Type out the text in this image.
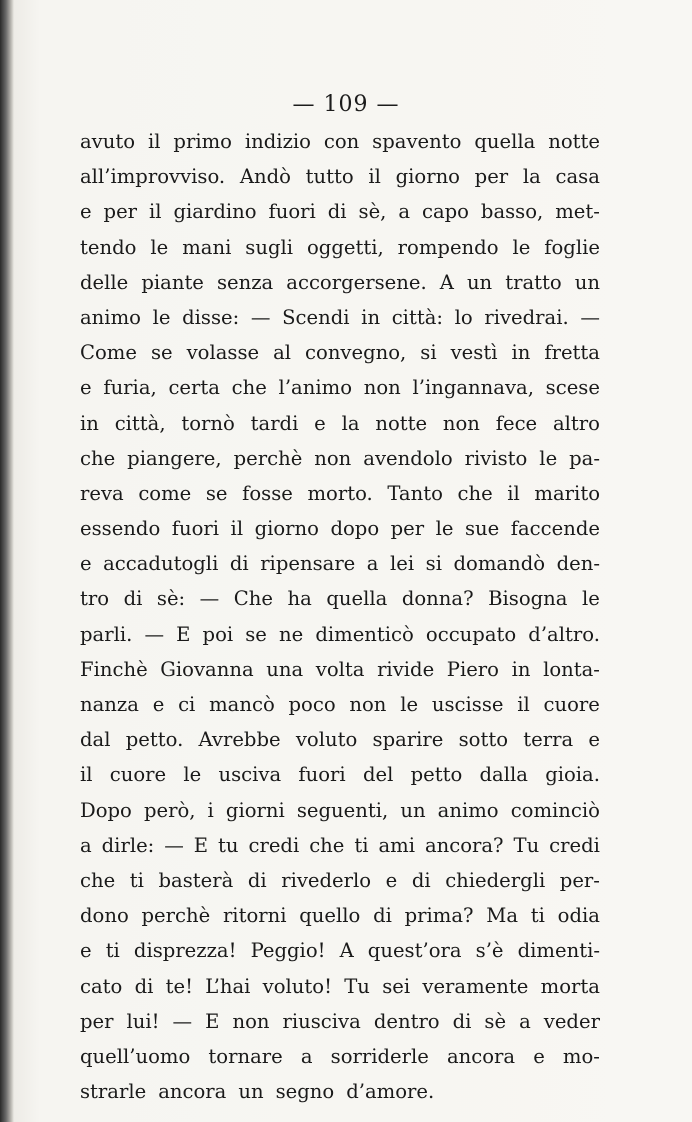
— 109 —
avuto il primo indizio con spavento quella notte
all’improvviso. Andò tutto il giorno per la casa
e per il giardino fuori di sè, a capo basso, met-
tendo le mani sugli oggetti, rompendo le foglie
delle piante senza accorgersene. A un tratto un
animo le disse: — Scendi in città: lo rivedrai. —
Come se volasse al convegno, si vestì in fretta
e furia, certa che l’animo non l’ingannava, scese
in città, tornò tardi e la notte non fece altro
che piangere, perchè non avendolo rivisto le pa-
reva come se fosse morto. Tanto che il marito
essendo fuori il giorno dopo per le sue faccende
e accadutogli di ripensare a lei si domandò den-
tro di sè: — Che ha quella donna? Bisogna le
parli. — E poi se ne dimenticò occupato d’altro.
Finchè Giovanna una volta rivide Piero in lonta-
nanza e ci mancò poco non le uscisse il cuore
dal petto. Avrebbe voluto sparire sotto terra e
il cuore le usciva fuori del petto dalla gioia.
Dopo però, i giorni seguenti, un animo cominciò
a dirle: — E tu credi che ti ami ancora? Tu credi
che ti basterà di rivederlo e di chiedergli per-
dono perchè ritorni quello di prima? Ma ti odia
e ti disprezza! Peggio! A quest’ora s’è dimenti-
cato di te! L’hai voluto! Tu sei veramente morta
per lui! — E non riusciva dentro di sè a veder
quell’uomo tornare a sorriderle ancora e mo-
strarle ancora un segno d’amore.
